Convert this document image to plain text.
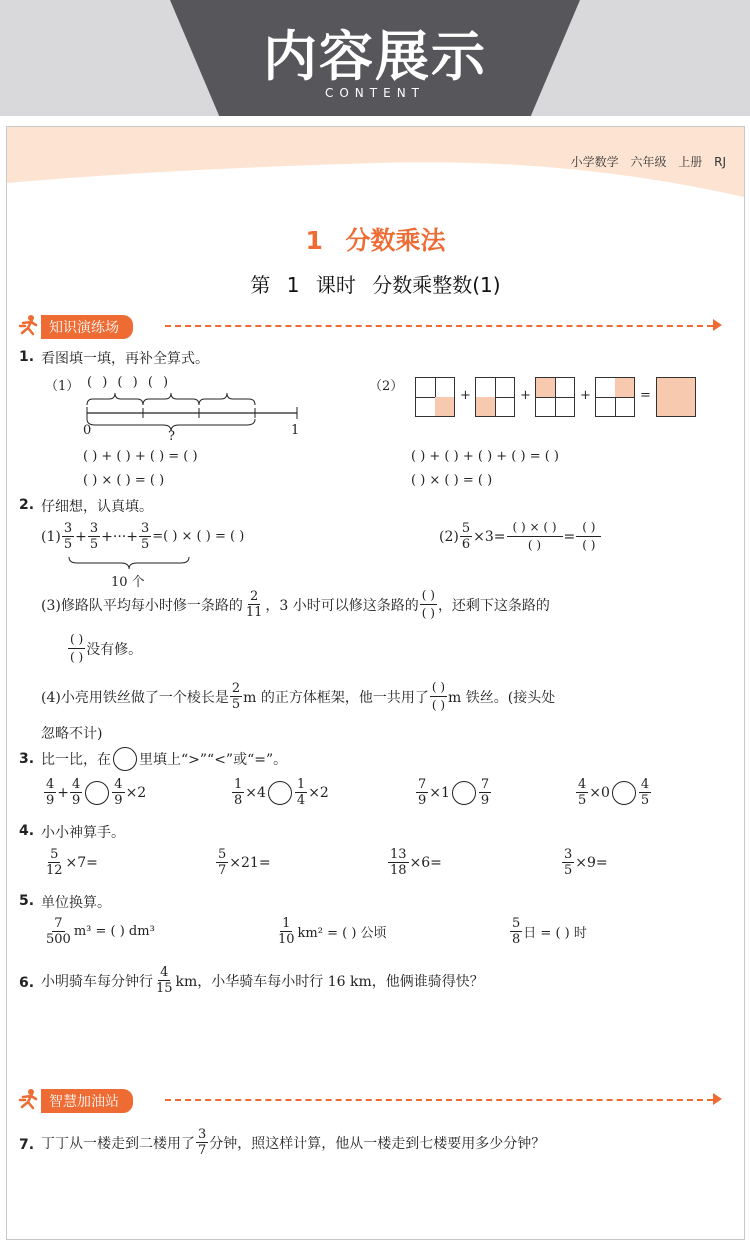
内容展示
CONTENT
小学数学 六年级 上册 RJ
1 分数乘法
第 1 课时 分数乘整数(1)
知识演练场
1. 看图填一填，再补全算式。
（1） ( ) ( ) ( )
0	1
?
( ) + ( ) + ( ) = ( )
( ) × ( ) = ( )
（2）
+	+	+	=
( ) + ( ) + ( ) + ( ) = ( )
( ) × ( ) = ( )
2. 仔细想，认真填。
$(1) \frac{3}{5} + \frac{3}{5}$ +···+ $\frac{3}{5}$ =( ) × ( ) = ( )
10 个
$(2) \frac{5}{6} \times 3= \frac{( ) \times ( )}{( )} = \frac{( )}{( )}$
(3)修路队平均每小时修一条路的 $\frac{2}{11}$ ，3 小时可以修这条路的 $\frac{( )}{( )}$ ，还剩下这条路的
$\frac{( )}{( )}$ 没有修。
(4)小亮用铁丝做了一个棱长是 $\frac{2}{5}$ m 的正方体框架，他一共用了 $\frac{( )}{( )}$ m 铁丝。(接头处
忽略不计)
3. 比一比，在 里填上“>”“<”或“=”。
$\frac{4}{9} + \frac{4}{9} \frac{4}{9} \times 2$	$\frac{1}{8} \times 4 \frac{1}{4} \times 2$	$\frac{7}{9} \times 1 \frac{7}{9}$	$\frac{4}{5} \times 0 \frac{4}{5}$
4. 小小神算手。
$\frac{5}{12} \times 7=$	$\frac{5}{7} \times 21=$	$\frac{13}{18} \times 6=$	$\frac{3}{5} \times 9=$
5. 单位换算。
$\frac{7}{500} m^3$ = ( ) dm³	$\frac{1}{10} km^2$ = ( ) 公顷	$\frac{5}{8}$ 日 = ( ) 时
6. 小明骑车每分钟行 $\frac{4}{15}$ km，小华骑车每小时行 16 km，他俩谁骑得快？
智慧加油站
7. 丁丁从一楼走到二楼用了 $\frac{3}{7}$ 分钟，照这样计算，他从一楼走到七楼要用多少分钟？
